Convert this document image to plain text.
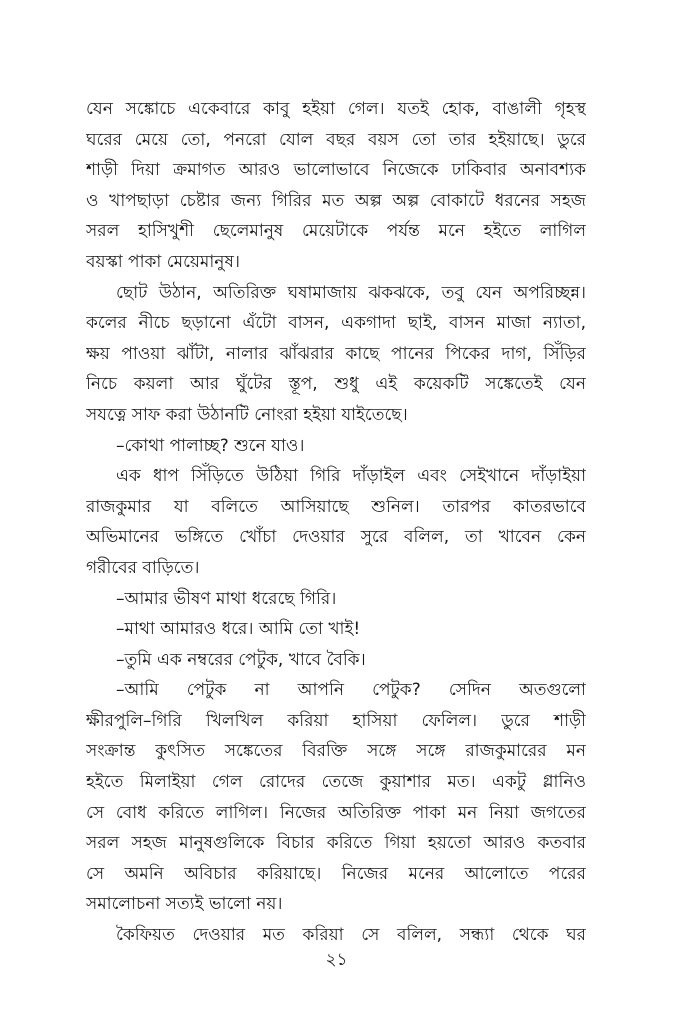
যেন সঙ্কোচে একেবারে কাবু হইয়া গেল। যতই হোক, বাঙালী গৃহস্থ
ঘরের মেয়ে তো, পনরো যোল বছর বয়স তো তার হইয়াছে। ডুরে
শাড়ী দিয়া ক্রমাগত আরও ভালোভাবে নিজেকে ঢাকিবার অনাবশ্যক
ও খাপছাড়া চেষ্টার জন্য গিরির মত অল্প অল্প বোকাটে ধরনের সহজ
সরল হাসিখুশী ছেলেমানুষ মেয়েটাকে পর্যন্ত মনে হইতে লাগিল
বয়স্কা পাকা মেয়েমানুষ।
ছোট উঠান, অতিরিক্ত ঘষামাজায় ঝকঝকে, তবু যেন অপরিচ্ছন্ন।
কলের নীচে ছড়ানো এঁটো বাসন, একগাদা ছাই, বাসন মাজা ন্যাতা,
ক্ষয় পাওয়া ঝাঁটা, নালার ঝাঁঝরার কাছে পানের পিকের দাগ, সিঁড়ির
নিচে কয়লা আর ঘুঁটের স্তূপ, শুধু এই কয়েকটি সঙ্কেতেই যেন
সযত্নে সাফ করা উঠানটি নোংরা হইয়া যাইতেছে।
–কোথা পালাচ্ছ? শুনে যাও।
এক ধাপ সিঁড়িতে উঠিয়া গিরি দাঁড়াইল এবং সেইখানে দাঁড়াইয়া
রাজকুমার যা বলিতে আসিয়াছে শুনিল। তারপর কাতরভাবে
অভিমানের ভঙ্গিতে খোঁচা দেওয়ার সুরে বলিল, তা খাবেন কেন
গরীবের বাড়িতে।
–আমার ভীষণ মাথা ধরেছে গিরি।
–মাথা আমারও ধরে। আমি তো খাই!
–তুমি এক নম্বরের পেটুক, খাবে বৈকি।
–আমি পেটুক না আপনি পেটুক? সেদিন অতগুলো
ক্ষীরপুলি–গিরি খিলখিল করিয়া হাসিয়া ফেলিল। ডুরে শাড়ী
সংক্রান্ত কুৎসিত সঙ্কেতের বিরক্তি সঙ্গে সঙ্গে রাজকুমারের মন
হইতে মিলাইয়া গেল রোদের তেজে কুয়াশার মত। একটু গ্লানিও
সে বোধ করিতে লাগিল। নিজের অতিরিক্ত পাকা মন নিয়া জগতের
সরল সহজ মানুষগুলিকে বিচার করিতে গিয়া হয়তো আরও কতবার
সে অমনি অবিচার করিয়াছে। নিজের মনের আলোতে পরের
সমালোচনা সত্যই ভালো নয়।
কৈফিয়ত দেওয়ার মত করিয়া সে বলিল, সন্ধ্যা থেকে ঘর
২১
